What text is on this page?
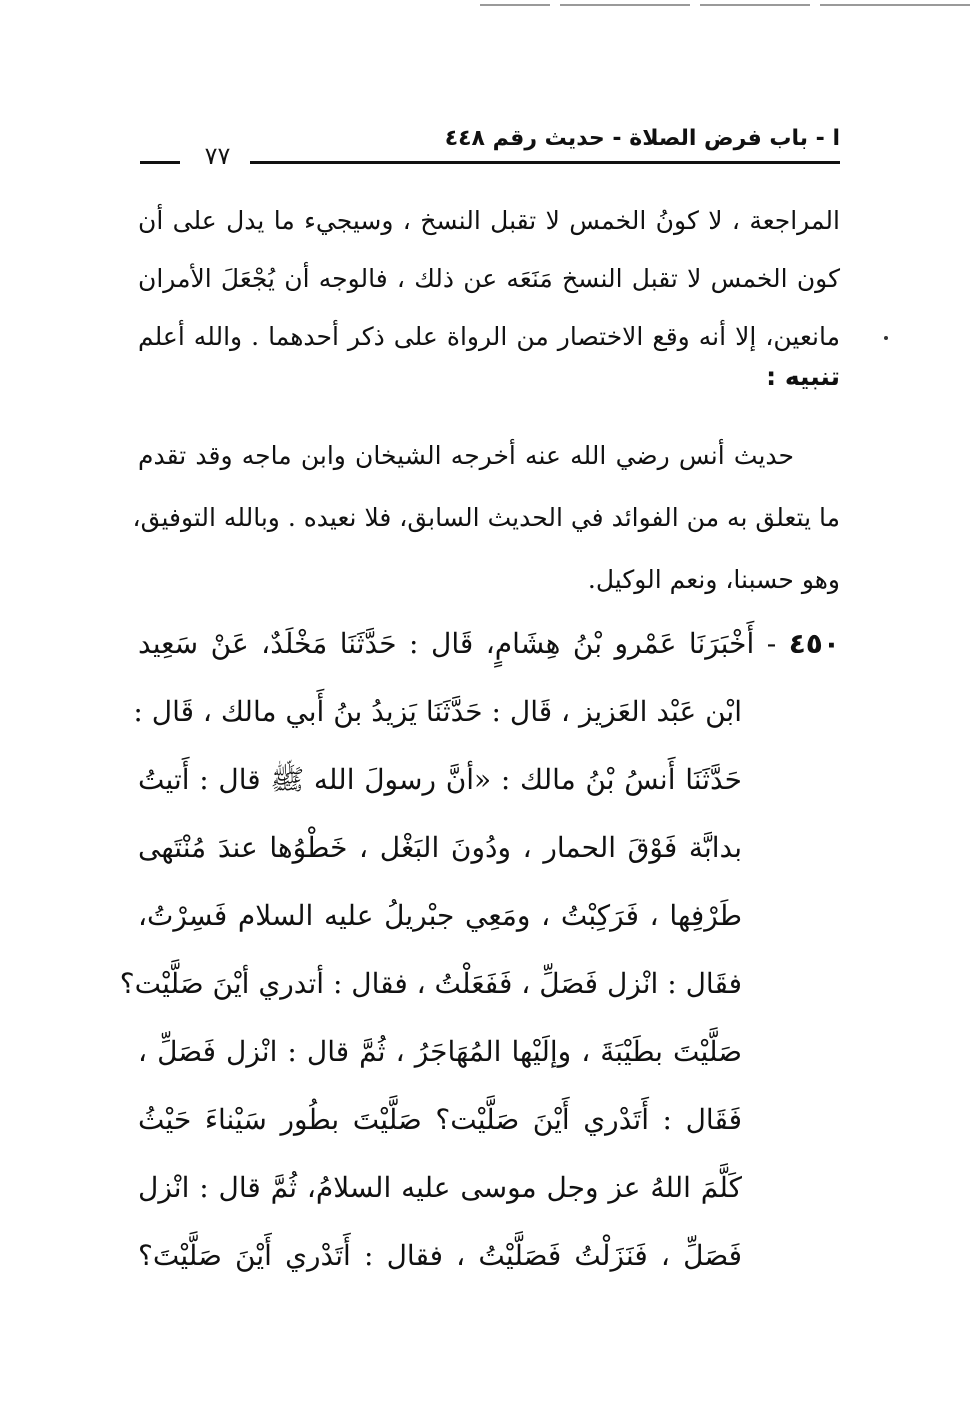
ا - باب فرض الصلاة - حديث رقم ٤٤٨
٧٧
المراجعة ، لا كونُ الخمس لا تقبل النسخ ، وسيجيء ما يدل على أن
كون الخمس لا تقبل النسخ مَنَعَه عن ذلك ، فالوجه أن يُجْعَلَ الأمران
مانعين، إلا أنه وقع الاختصار من الرواة على ذكر أحدهما . والله أعلم
تنبيه :
حديث أنس رضي الله عنه أخرجه الشيخان وابن ماجه وقد تقدم
ما يتعلق به من الفوائد في الحديث السابق، فلا نعيده . وبالله التوفيق،
وهو حسبنا، ونعم الوكيل.
٤٥٠ - أَخْبَرَنَا عَمْرو بْنُ هِشَامٍ، قَال : حَدَّثَنَا مَخْلَدٌ، عَنْ سَعِيد
ابْن عَبْد العَزيز ، قَال : حَدَّثَنَا يَزيدُ بنُ أَبي مالك ، قَال :
حَدَّثَنَا أَنسُ بْنُ مالك : «أنَّ رسولَ الله ﷺ قال : أَتيتُ
بدابَّة فَوْقَ الحمار ، ودُونَ البَغْل ، خَطْوُها عندَ مُنْتَهى
طَرْفِها ، فَرَكِبْتُ ، ومَعِي جبْريلُ عليه السلام فَسِرْتُ،
فقَال : انْزل فَصَلِّ ، فَفَعَلْتُ ، فقال : أتدري أيْنَ صَلَّيْت؟
صَلَّيْتَ بطَيْبَةَ ، وإلَيْها المُهَاجَرُ ، ثُمَّ قال : انْزل فَصَلِّ ،
فَقَال : أَتَدْري أَيْنَ صَلَّيْت؟ صَلَّيْتَ بطُور سَيْناءَ حَيْثُ
كَلَّمَ اللهُ عز وجل موسى عليه السلامُ، ثُمَّ قال : انْزل
فَصَلِّ ، فَنَزَلْتُ فَصَلَّيْتُ ، فقال : أَتَدْري أَيْنَ صَلَّيْتَ؟
